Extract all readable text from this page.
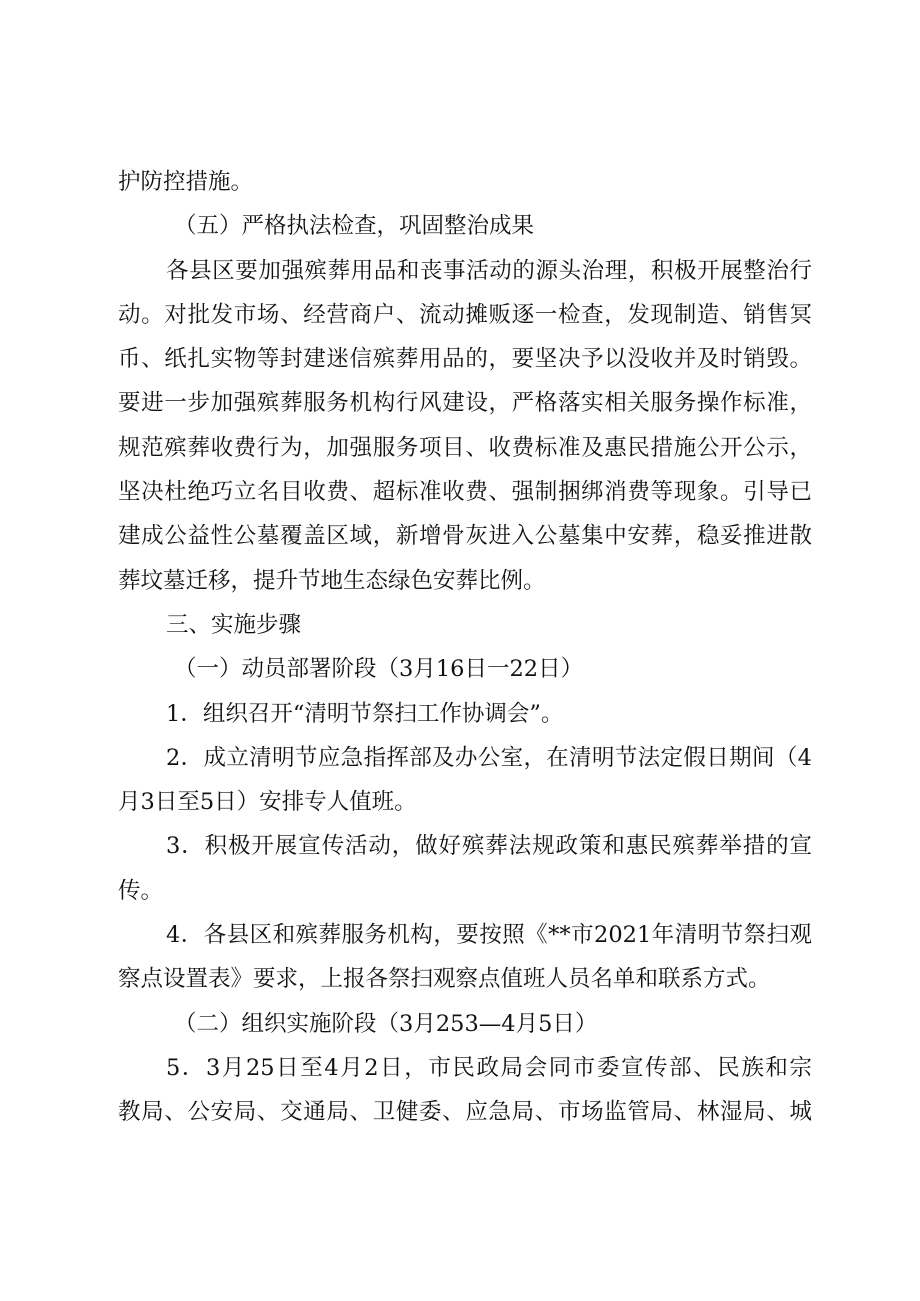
护防控措施。
（五）严格执法检查，巩固整治成果
各县区要加强殡葬用品和丧事活动的源头治理，积极开展整治行
动。对批发市场、经营商户、流动摊贩逐一检查，发现制造、销售冥
币、纸扎实物等封建迷信殡葬用品的，要坚决予以没收并及时销毁。
要进一步加强殡葬服务机构行风建设，严格落实相关服务操作标准，
规范殡葬收费行为，加强服务项目、收费标准及惠民措施公开公示，
坚决杜绝巧立名目收费、超标准收费、强制捆绑消费等现象。引导已
建成公益性公墓覆盖区域，新增骨灰进入公墓集中安葬，稳妥推进散
葬坟墓迁移，提升节地生态绿色安葬比例。
三、实施步骤
（一）动员部署阶段（3月16日一22日）
1．组织召开“清明节祭扫工作协调会”。
2．成立清明节应急指挥部及办公室，在清明节法定假日期间（4
月3日至5日）安排专人值班。
3．积极开展宣传活动，做好殡葬法规政策和惠民殡葬举措的宣
传。
4．各县区和殡葬服务机构，要按照《**市2021年清明节祭扫观
察点设置表》要求，上报各祭扫观察点值班人员名单和联系方式。
（二）组织实施阶段（3月253—4月5日）
5．3月25日至4月2日，市民政局会同市委宣传部、民族和宗
教局、公安局、交通局、卫健委、应急局、市场监管局、林湿局、城
